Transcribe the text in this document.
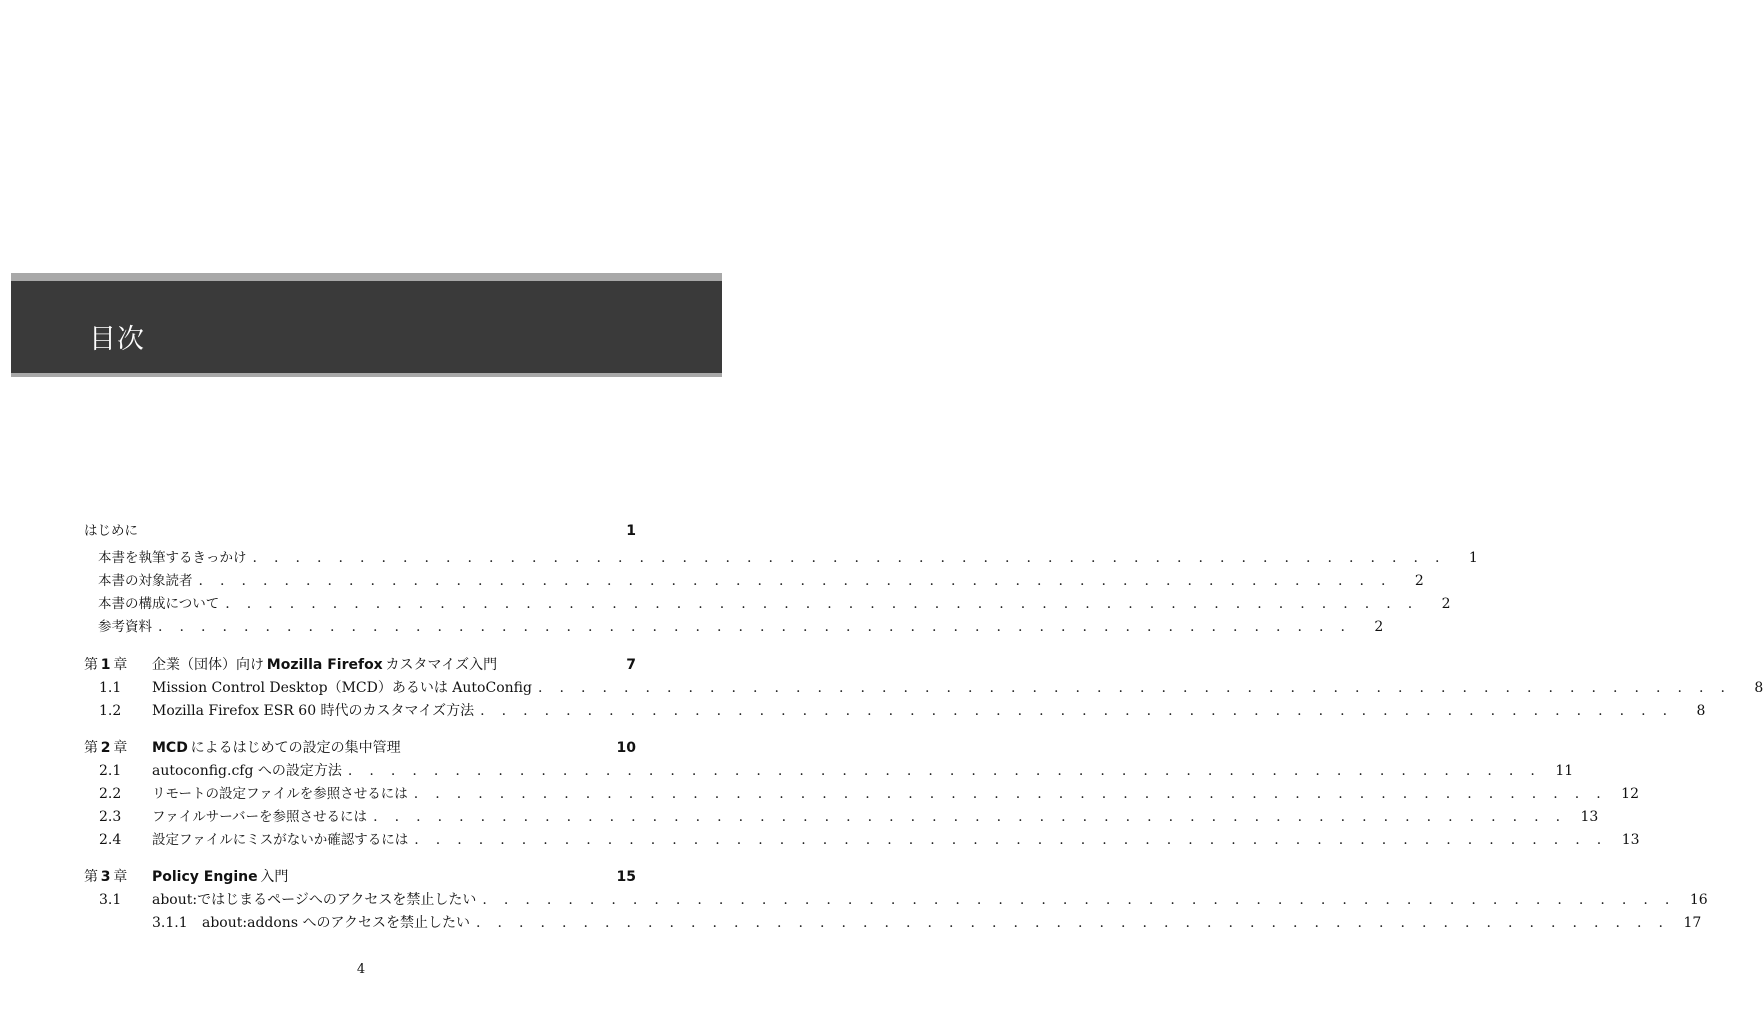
目次
はじめに	1
本書を執筆するきっかけ . . . . . . . . . . . . . . . . . . . . . . . . . . . . . . . . . . . . . . . . . . . . . . . . . . . . . . . .	1
本書の対象読者 . . . . . . . . . . . . . . . . . . . . . . . . . . . . . . . . . . . . . . . . . . . . . . . . . . . . . . . .	2
本書の構成について . . . . . . . . . . . . . . . . . . . . . . . . . . . . . . . . . . . . . . . . . . . . . . . . . . . . . . . .	2
参考資料 . . . . . . . . . . . . . . . . . . . . . . . . . . . . . . . . . . . . . . . . . . . . . . . . . . . . . . . .	2
第  1  章	企業（団体）向け  Mozilla Firefox  カスタマイズ入門	7
1.1	Mission Control Desktop（MCD）あるいは AutoConfig . . . . . . . . . . . . . . . . . . . . . . . . . . . . . . . . . . . . . . . . . . . . . . . . . . . . . . . .	8
1.2	Mozilla Firefox ESR 60 時代のカスタマイズ方法 . . . . . . . . . . . . . . . . . . . . . . . . . . . . . . . . . . . . . . . . . . . . . . . . . . . . . . . .	8
第  2  章	MCD  によるはじめての設定の集中管理	10
2.1	autoconfig.cfg への設定方法 . . . . . . . . . . . . . . . . . . . . . . . . . . . . . . . . . . . . . . . . . . . . . . . . . . . . . . . .	11
2.2	リモートの設定ファイルを参照させるには . . . . . . . . . . . . . . . . . . . . . . . . . . . . . . . . . . . . . . . . . . . . . . . . . . . . . . . .	12
2.3	ファイルサーバーを参照させるには . . . . . . . . . . . . . . . . . . . . . . . . . . . . . . . . . . . . . . . . . . . . . . . . . . . . . . . .	13
2.4	設定ファイルにミスがないか確認するには . . . . . . . . . . . . . . . . . . . . . . . . . . . . . . . . . . . . . . . . . . . . . . . . . . . . . . . .	13
第  3  章	Policy Engine  入門	15
3.1	about:ではじまるページへのアクセスを禁止したい . . . . . . . . . . . . . . . . . . . . . . . . . . . . . . . . . . . . . . . . . . . . . . . . . . . . . . . .	16
3.1.1	about:addons へのアクセスを禁止したい . . . . . . . . . . . . . . . . . . . . . . . . . . . . . . . . . . . . . . . . . . . . . . . . . . . . . . . .	17
4
